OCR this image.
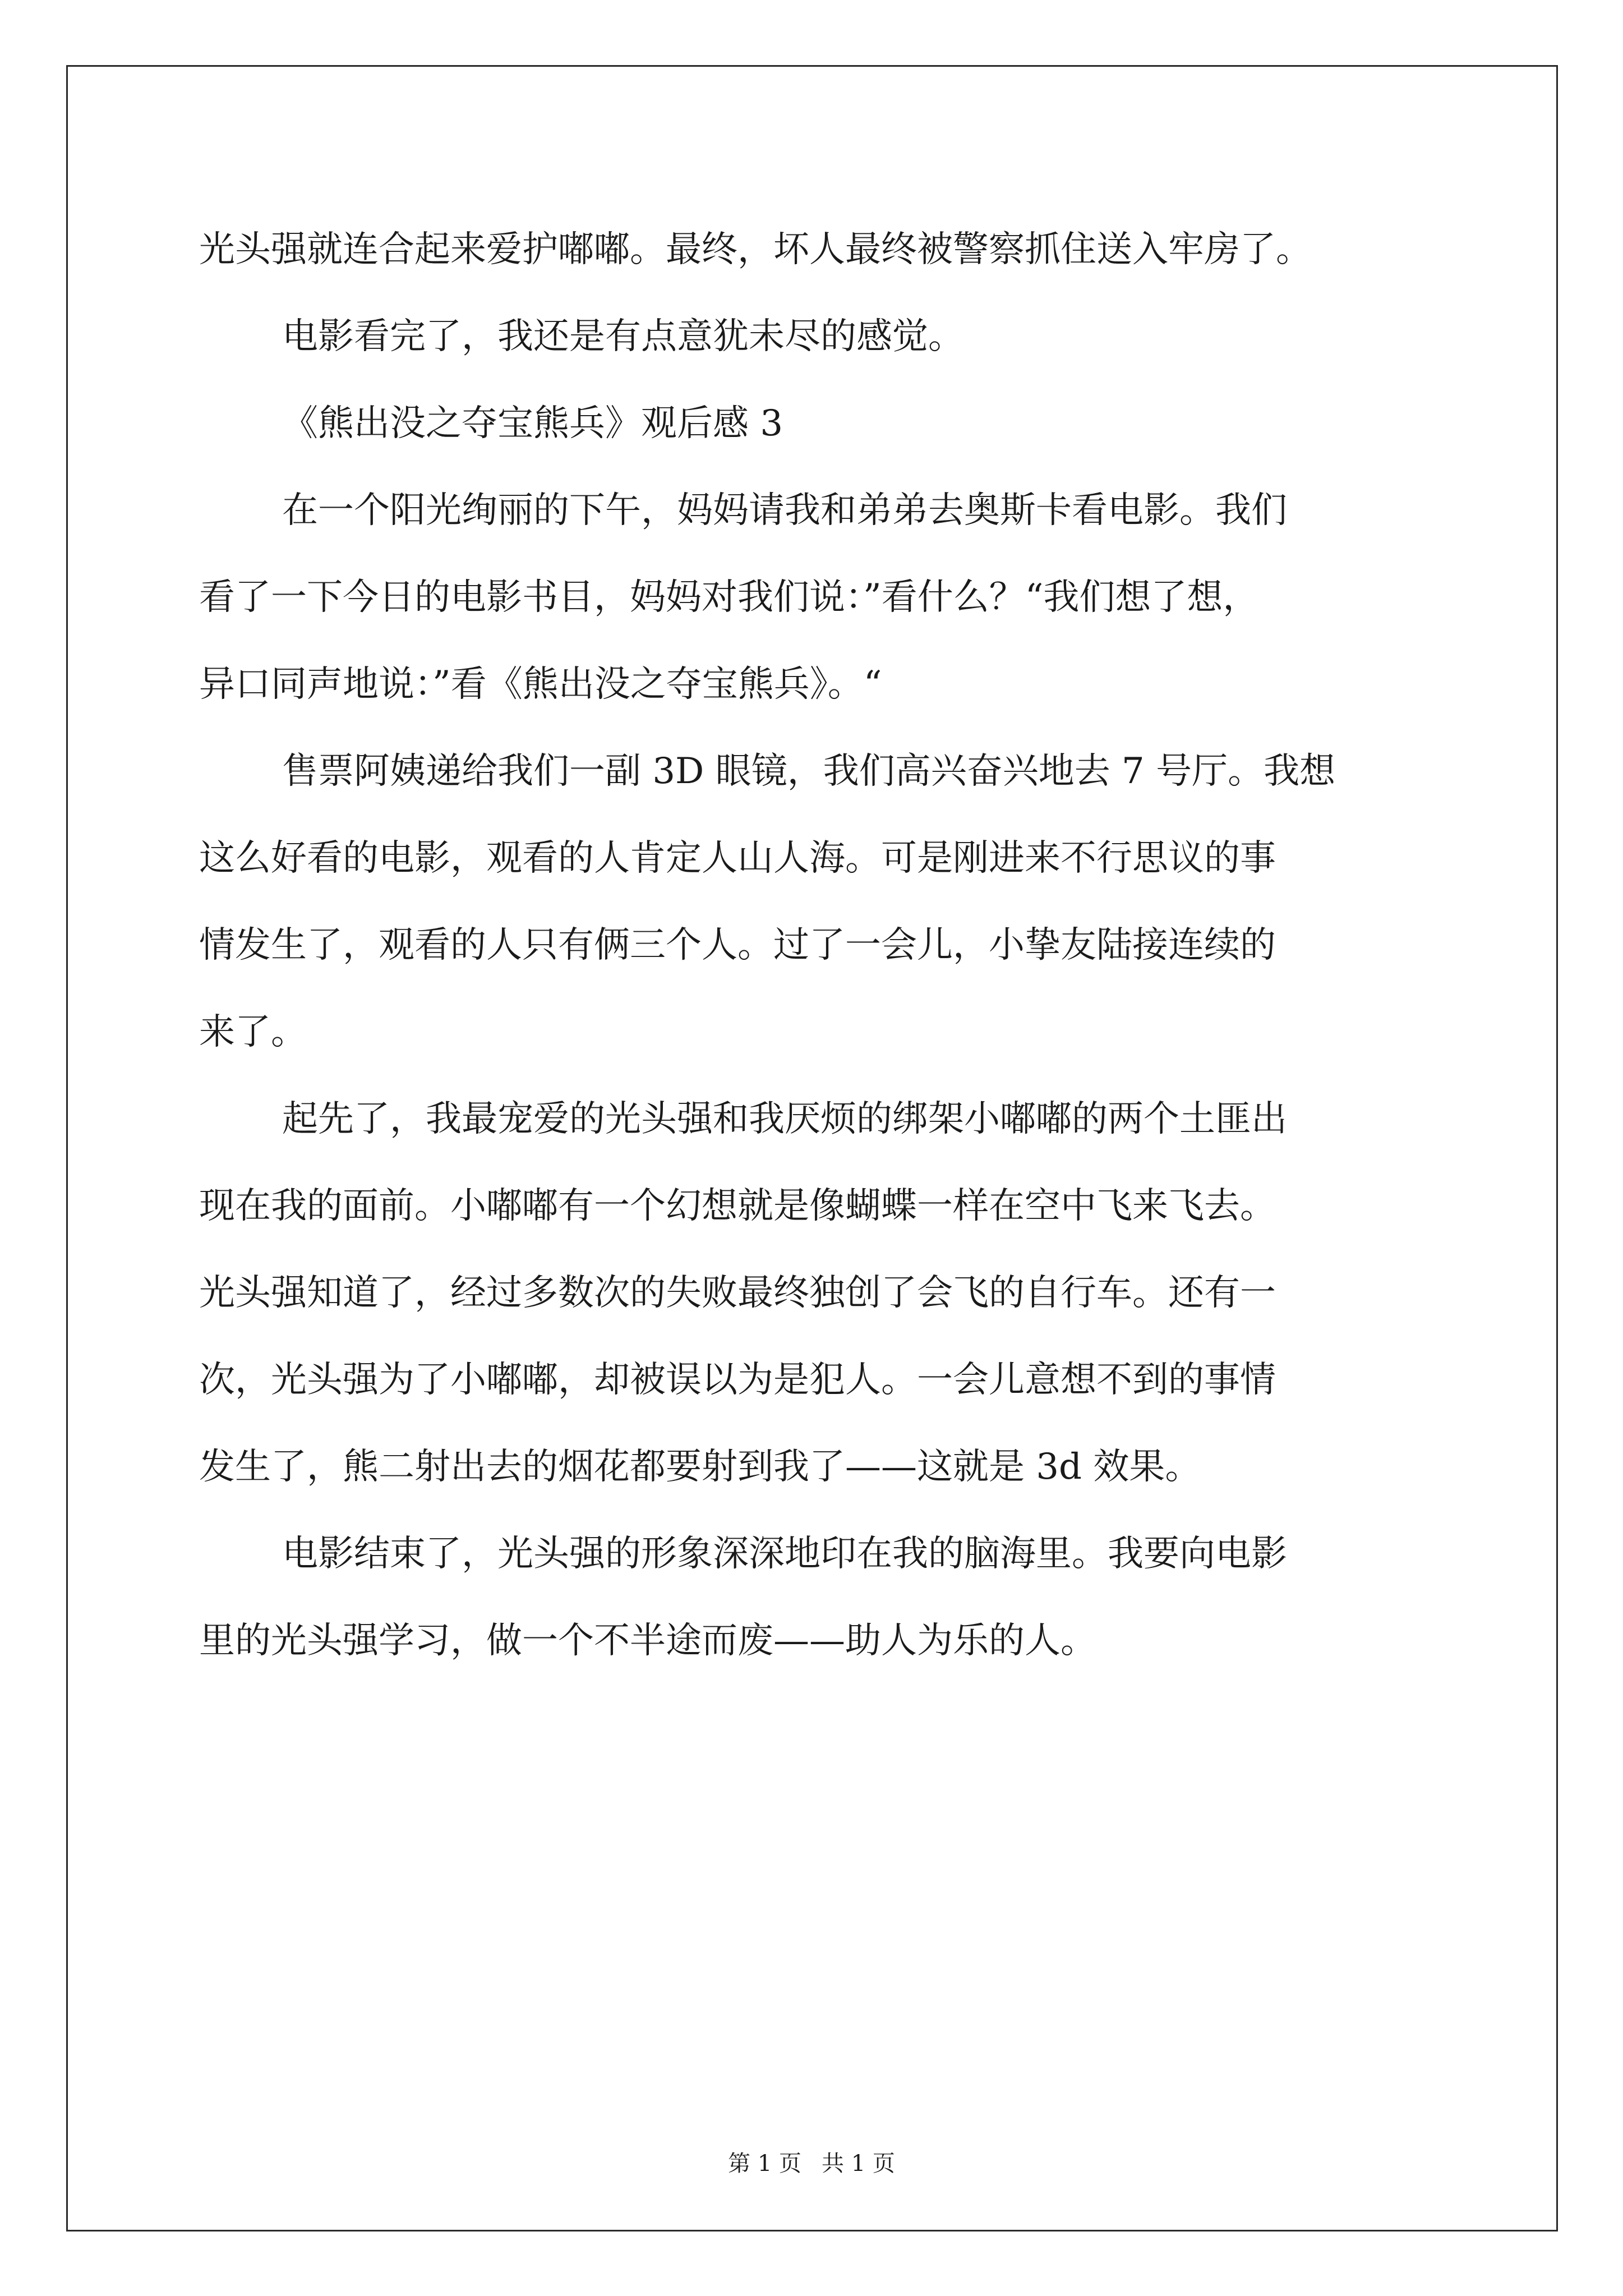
光头强就连合起来爱护嘟嘟。最终，坏人最终被警察抓住送入牢房了。
电影看完了，我还是有点意犹未尽的感觉。
《熊出没之夺宝熊兵》观后感 3
在一个阳光绚丽的下午，妈妈请我和弟弟去奥斯卡看电影。我们
看了一下今日的电影书目，妈妈对我们说：”看什么？“我们想了想，
异口同声地说：”看《熊出没之夺宝熊兵》。“
售票阿姨递给我们一副 3D 眼镜，我们高兴奋兴地去 7 号厅。我想
这么好看的电影，观看的人肯定人山人海。可是刚进来不行思议的事
情发生了，观看的人只有俩三个人。过了一会儿，小挚友陆接连续的
来了。
起先了，我最宠爱的光头强和我厌烦的绑架小嘟嘟的两个土匪出
现在我的面前。小嘟嘟有一个幻想就是像蝴蝶一样在空中飞来飞去。
光头强知道了，经过多数次的失败最终独创了会飞的自行车。还有一
次，光头强为了小嘟嘟，却被误以为是犯人。一会儿意想不到的事情
发生了，熊二射出去的烟花都要射到我了——这就是 3d 效果。
电影结束了，光头强的形象深深地印在我的脑海里。我要向电影
里的光头强学习，做一个不半途而废——助人为乐的人。
第 1 页 共 1 页
